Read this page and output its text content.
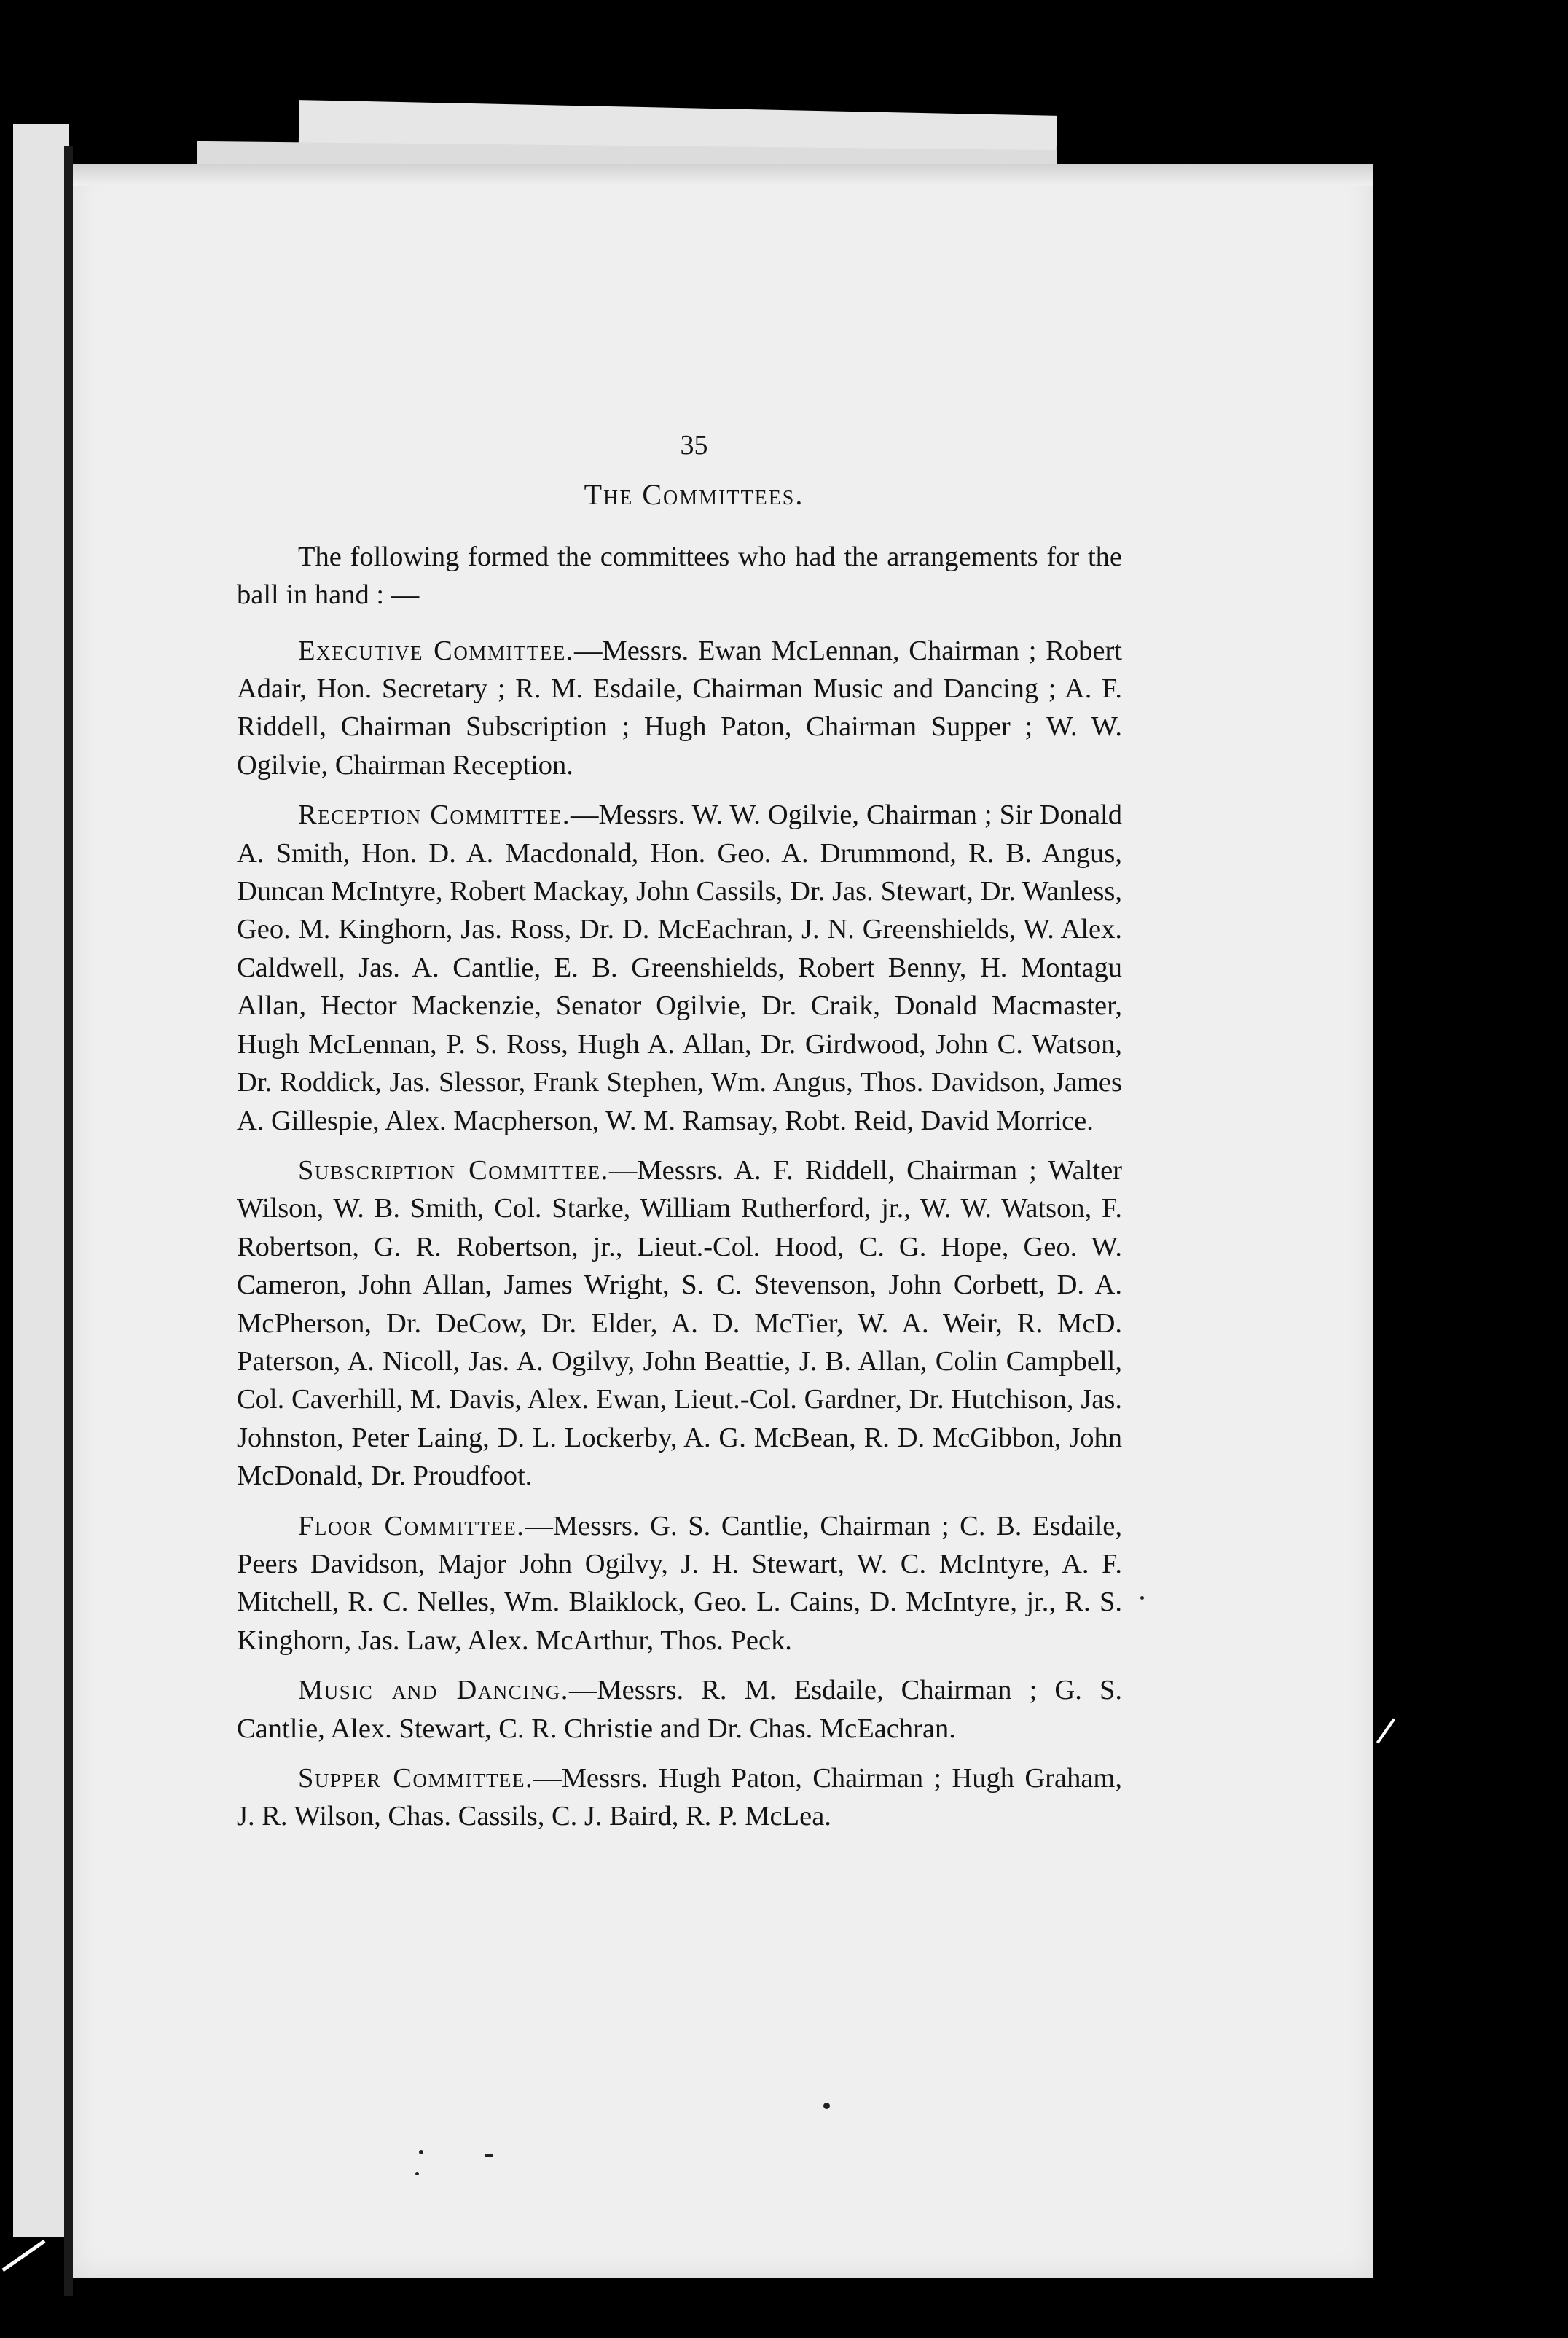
35
The Committees.

The following formed the committees who had the arrangements for the ball in hand : —

Executive Committee.—Messrs. Ewan McLennan, Chairman ; Robert Adair, Hon. Secretary ; R. M. Esdaile, Chairman Music and Dancing ; A. F. Riddell, Chairman Subscription ; Hugh Paton, Chairman Supper ; W. W. Ogilvie, Chairman Reception.

Reception Committee.—Messrs. W. W. Ogilvie, Chairman ; Sir Donald A. Smith, Hon. D. A. Macdonald, Hon. Geo. A. Drummond, R. B. Angus, Duncan McIntyre, Robert Mackay, John Cassils, Dr. Jas. Stewart, Dr. Wanless, Geo. M. Kinghorn, Jas. Ross, Dr. D. McEachran, J. N. Greenshields, W. Alex. Caldwell, Jas. A. Cantlie, E. B. Greenshields, Robert Benny, H. Montagu Allan, Hector Mackenzie, Senator Ogilvie, Dr. Craik, Donald Macmaster, Hugh McLennan, P. S. Ross, Hugh A. Allan, Dr. Girdwood, John C. Watson, Dr. Roddick, Jas. Slessor, Frank Stephen, Wm. Angus, Thos. Davidson, James A. Gillespie, Alex. Macpherson, W. M. Ramsay, Robt. Reid, David Morrice.

Subscription Committee.—Messrs. A. F. Riddell, Chairman ; Walter Wilson, W. B. Smith, Col. Starke, William Rutherford, jr., W. W. Watson, F. Robertson, G. R. Robertson, jr., Lieut.-Col. Hood, C. G. Hope, Geo. W. Cameron, John Allan, James Wright, S. C. Stevenson, John Corbett, D. A. McPherson, Dr. DeCow, Dr. Elder, A. D. McTier, W. A. Weir, R. McD. Paterson, A. Nicoll, Jas. A. Ogilvy, John Beattie, J. B. Allan, Colin Campbell, Col. Caverhill, M. Davis, Alex. Ewan, Lieut.-Col. Gardner, Dr. Hutchison, Jas. Johnston, Peter Laing, D. L. Lockerby, A. G. McBean, R. D. McGibbon, John McDonald, Dr. Proudfoot.

Floor Committee.—Messrs. G. S. Cantlie, Chairman ; C. B. Esdaile, Peers Davidson, Major John Ogilvy, J. H. Stewart, W. C. McIntyre, A. F. Mitchell, R. C. Nelles, Wm. Blaiklock, Geo. L. Cains, D. McIntyre, jr., R. S. Kinghorn, Jas. Law, Alex. McArthur, Thos. Peck.

Music and Dancing.—Messrs. R. M. Esdaile, Chairman ; G. S. Cantlie, Alex. Stewart, C. R. Christie and Dr. Chas. McEachran.

Supper Committee.—Messrs. Hugh Paton, Chairman ; Hugh Graham, J. R. Wilson, Chas. Cassils, C. J. Baird, R. P. McLea.
